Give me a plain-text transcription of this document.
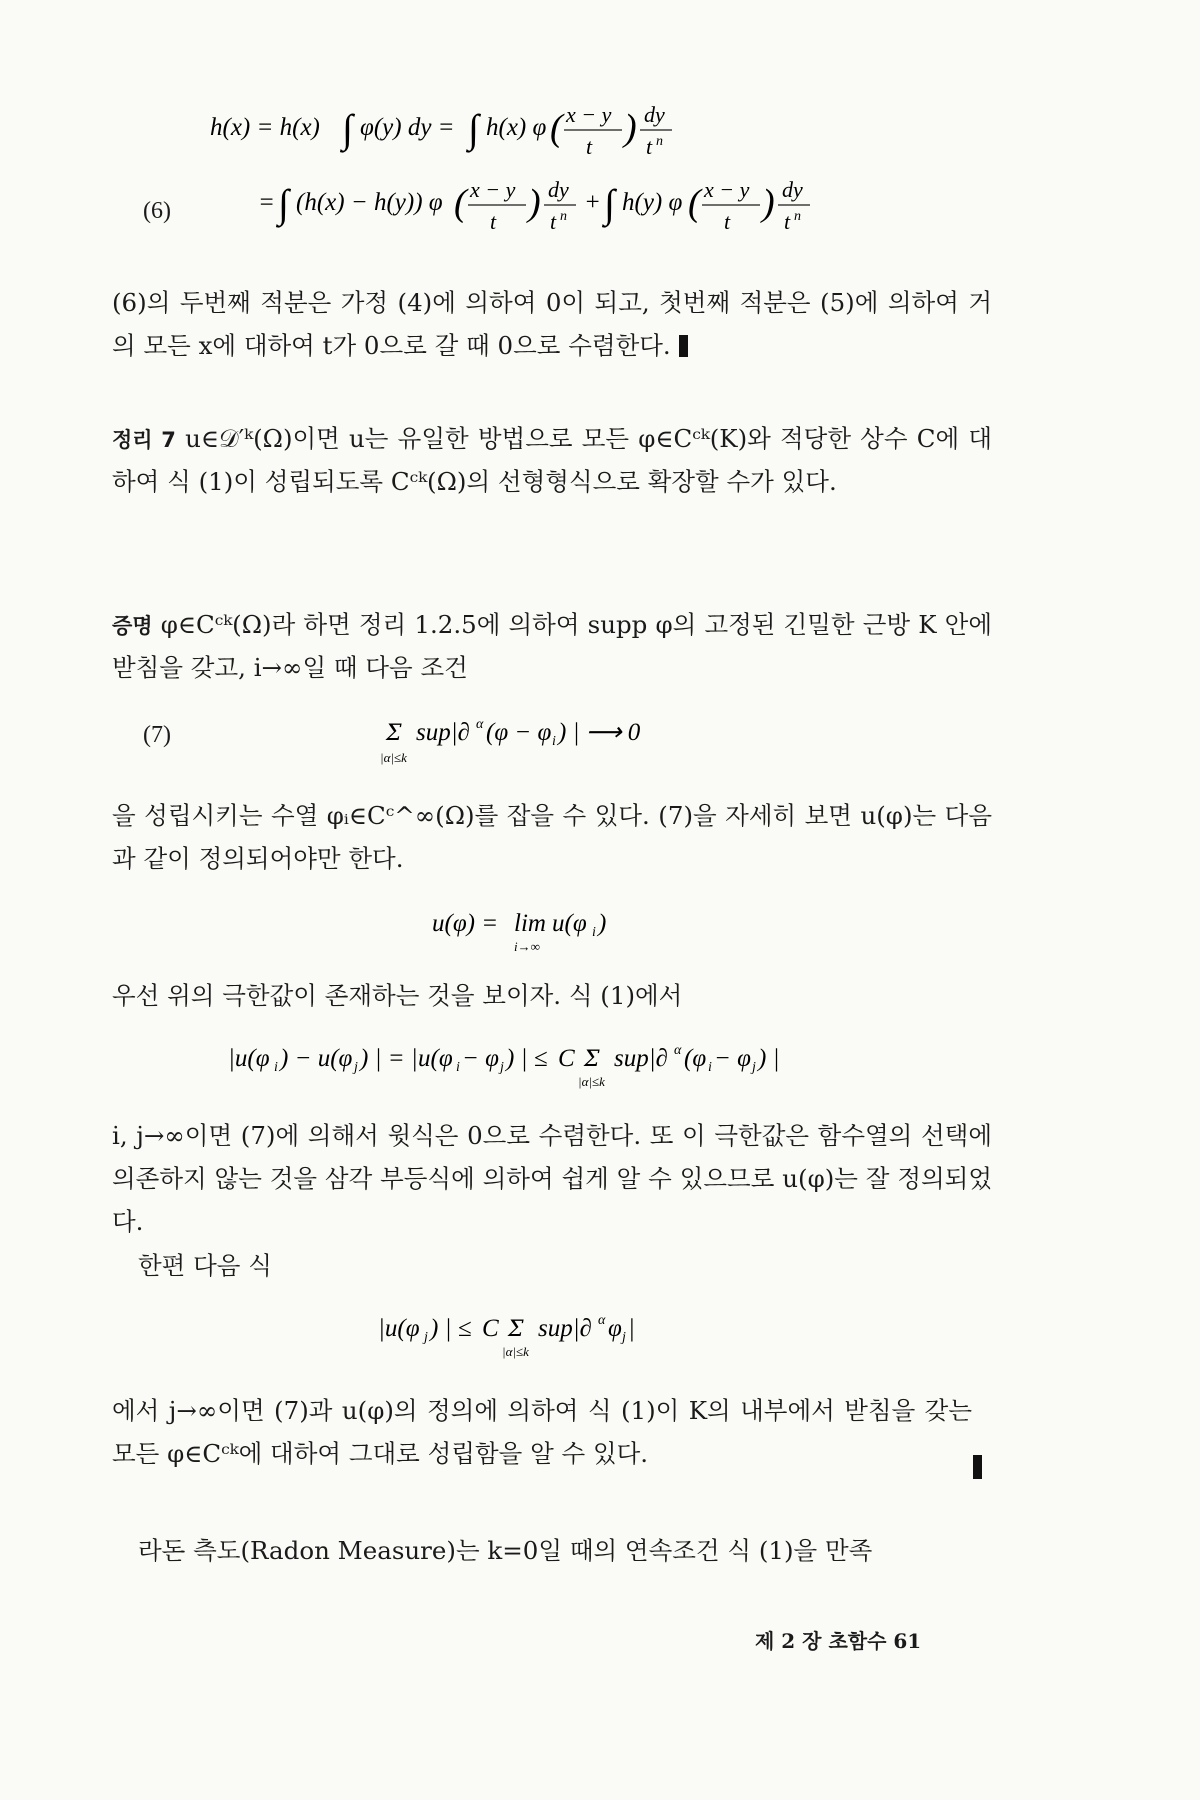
h(x) = h(x) ∫ φ(y) dy = ∫ h(x) φ ( x − y
t ) dy
t n
(6)	= ∫ (h(x) − h(y)) φ ( x − y
t ) dy
t n
+ ∫ h(y) φ ( x − y
t ) dy
t n

(6)의 두번째 적분은 가정 (4)에 의하여 0이 되고, 첫번째 적분은 (5)에 의하여 거의 모든 x에 대하여 t가 0으로 갈 때 0으로 수렴한다.

정리 7 u∈𝒟′ᵏ(Ω)이면 u는 유일한 방법으로 모든 φ∈Cᶜᵏ(K)와 적당한 상수 C에 대하여 식 (1)이 성립되도록 Cᶜᵏ(Ω)의 선형형식으로 확장할 수가 있다.

증명 φ∈Cᶜᵏ(Ω)라 하면 정리 1.2.5에 의하여 supp φ의 고정된 긴밀한 근방 K 안에 받침을 갖고, i→∞일 때 다음 조건

(7)	Σ
|α|≤k
sup|∂ α (φ − φ i ) | ⟶ 0

을 성립시키는 수열 φᵢ∈Cᶜ^∞(Ω)를 잡을 수 있다. (7)을 자세히 보면 u(φ)는 다음과 같이 정의되어야만 한다.

u(φ) = lim
i→∞
u(φ i )

우선 위의 극한값이 존재하는 것을 보이자. 식 (1)에서

|u(φ i ) − u(φ j ) | = | u(φ i − φ j ) | ≤ C Σ
|α|≤k
sup|∂ α (φ i − φ j ) |

i, j→∞이면 (7)에 의해서 윗식은 0으로 수렴한다. 또 이 극한값은 함수열의 선택에 의존하지 않는 것을 삼각 부등식에 의하여 쉽게 알 수 있으므로 u(φ)는 잘 정의되었다.

한편 다음 식

|u(φ j ) | ≤ C Σ
|α|≤k
sup|∂ α φ j |

에서 j→∞이면 (7)과 u(φ)의 정의에 의하여 식 (1)이 K의 내부에서 받침을 갖는 모든 φ∈Cᶜᵏ에 대하여 그대로 성립함을 알 수 있다.

라돈 측도(Radon Measure)는 k=0일 때의 연속조건 식 (1)을 만족

제 2 장 초함수 61
